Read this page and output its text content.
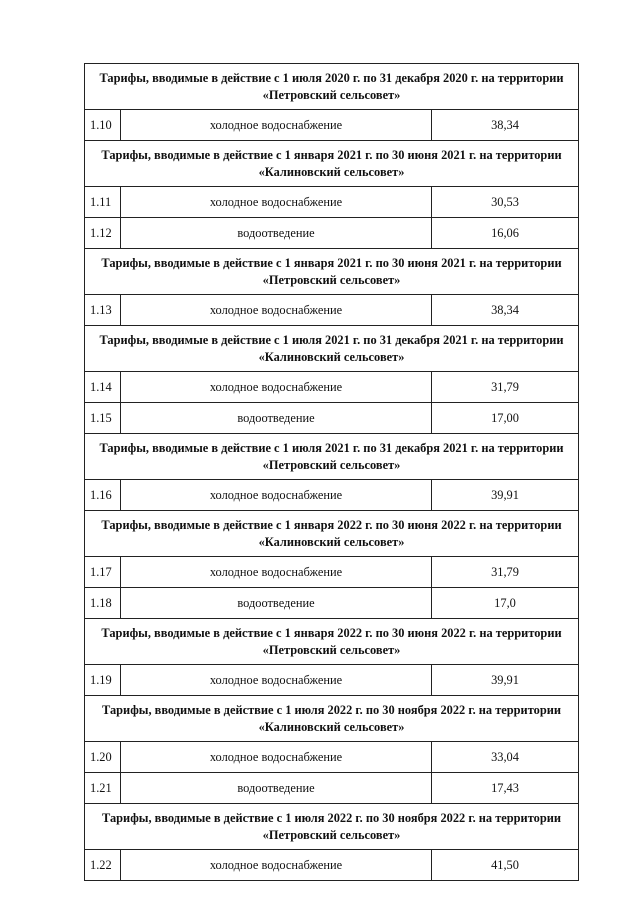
Тарифы, вводимые в действие с 1 июля 2020 г. по 31 декабря 2020 г. на территории
«Петровский сельсовет»		

1.10	холодное водоснабжение	38,34

Тарифы, вводимые в действие с 1 января 2021 г. по 30 июня 2021 г. на территории
«Калиновский сельсовет»		

1.11	холодное водоснабжение	30,53
1.12	водоотведение	16,06

Тарифы, вводимые в действие с 1 января 2021 г. по 30 июня 2021 г. на территории
«Петровский сельсовет»		

1.13	холодное водоснабжение	38,34

Тарифы, вводимые в действие с 1 июля 2021 г. по 31 декабря 2021 г. на территории
«Калиновский сельсовет»		

1.14	холодное водоснабжение	31,79
1.15	водоотведение	17,00

Тарифы, вводимые в действие с 1 июля 2021 г. по 31 декабря 2021 г. на территории
«Петровский сельсовет»		

1.16	холодное водоснабжение	39,91

Тарифы, вводимые в действие с 1 января 2022 г. по 30 июня 2022 г. на территории
«Калиновский сельсовет»		

1.17	холодное водоснабжение	31,79
1.18	водоотведение	17,0

Тарифы, вводимые в действие с 1 января 2022 г. по 30 июня 2022 г. на территории
«Петровский сельсовет»		

1.19	холодное водоснабжение	39,91

Тарифы, вводимые в действие с 1 июля 2022 г. по 30 ноября 2022 г. на территории
«Калиновский сельсовет»		

1.20	холодное водоснабжение	33,04
1.21	водоотведение	17,43

Тарифы, вводимые в действие с 1 июля 2022 г. по 30 ноября 2022 г. на территории
«Петровский сельсовет»		

1.22	холодное водоснабжение	41,50
